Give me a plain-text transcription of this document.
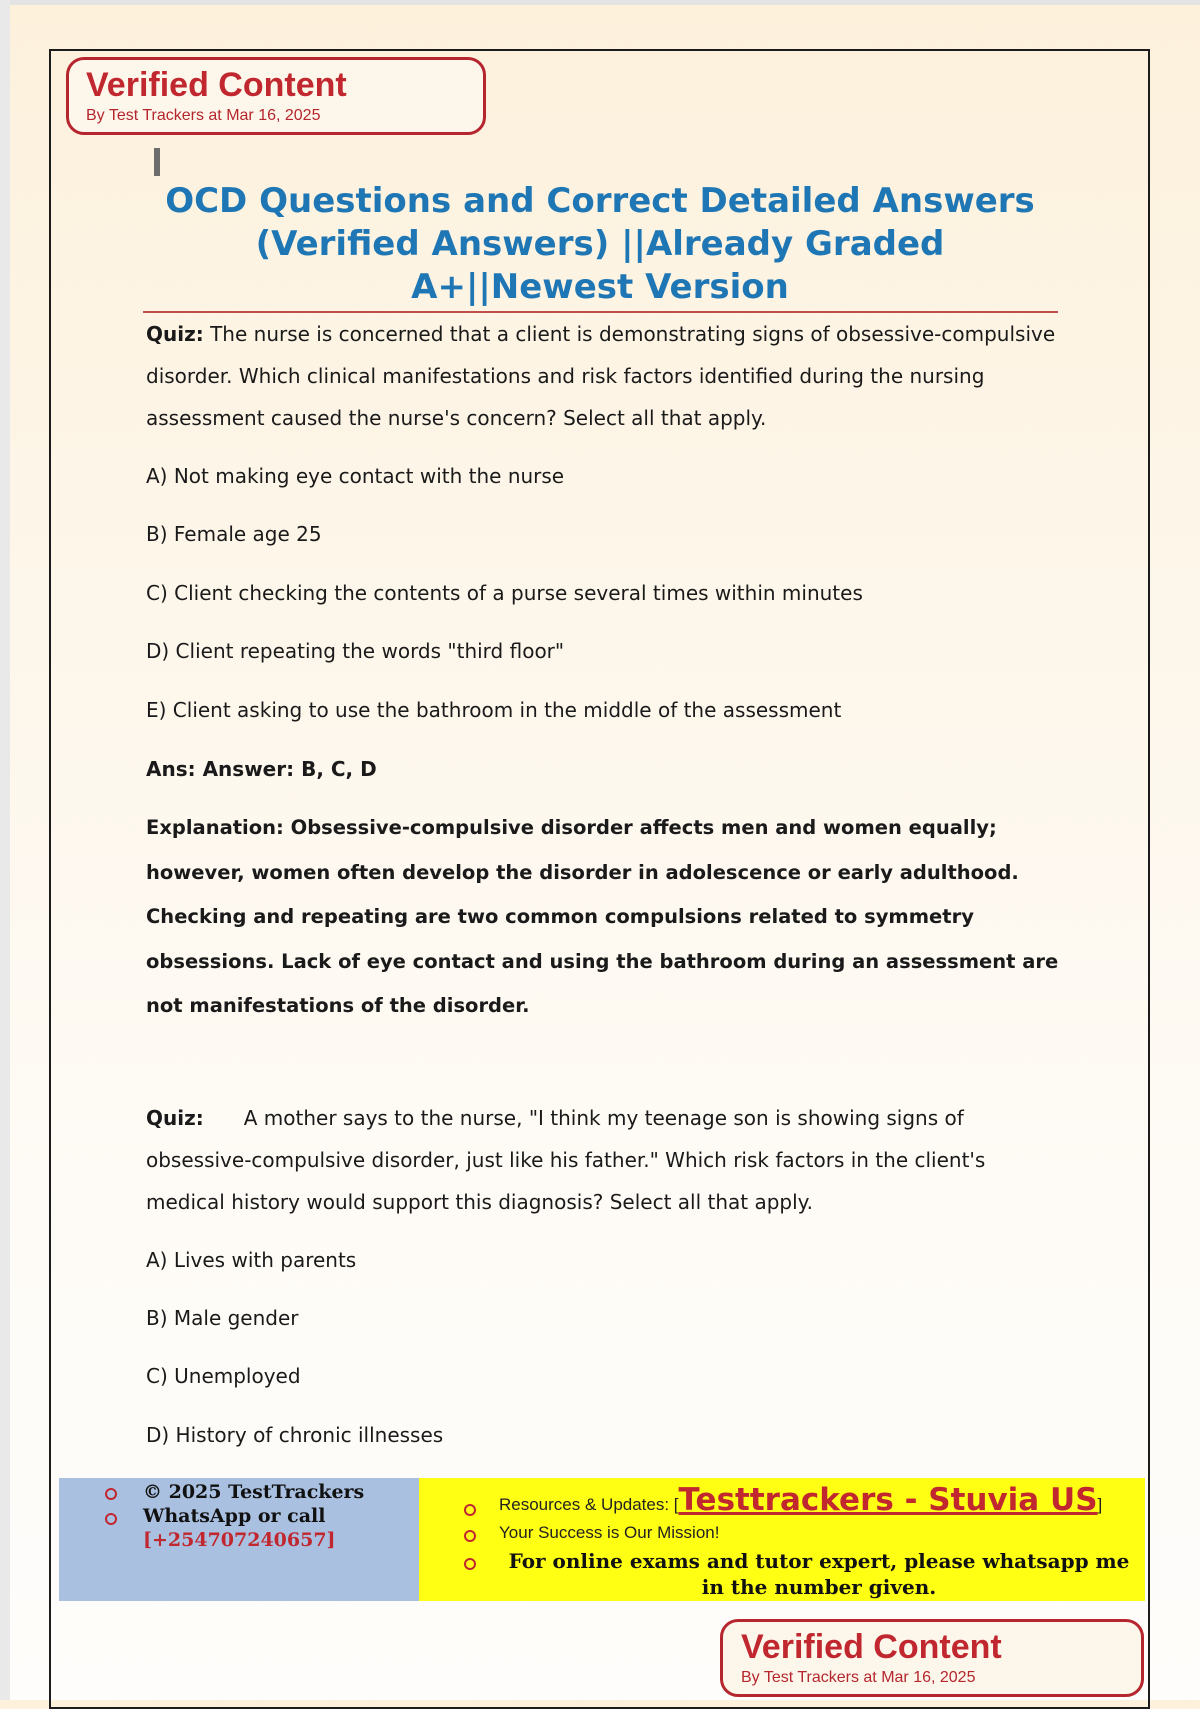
Verified Content
By Test Trackers at Mar 16, 2025
OCD Questions and Correct Detailed Answers (Verified Answers) ||Already Graded A+||Newest Version
Quiz: The nurse is concerned that a client is demonstrating signs of obsessive-compulsive disorder. Which clinical manifestations and risk factors identified during the nursing assessment caused the nurse's concern? Select all that apply.
A) Not making eye contact with the nurse
B) Female age 25
C) Client checking the contents of a purse several times within minutes
D) Client repeating the words "third floor"
E) Client asking to use the bathroom in the middle of the assessment
Ans: Answer: B, C, D
Explanation: Obsessive-compulsive disorder affects men and women equally; however, women often develop the disorder in adolescence or early adulthood. Checking and repeating are two common compulsions related to symmetry obsessions. Lack of eye contact and using the bathroom during an assessment are not manifestations of the disorder.
Quiz: A mother says to the nurse, "I think my teenage son is showing signs of obsessive-compulsive disorder, just like his father." Which risk factors in the client's medical history would support this diagnosis? Select all that apply.
A) Lives with parents
B) Male gender
C) Unemployed
D) History of chronic illnesses
© 2025 TestTrackers
WhatsApp or call
[+254707240657]
Resources & Updates: [Testtrackers - Stuvia US]
Your Success is Our Mission!
For online exams and tutor expert, please whatsapp me in the number given.
Verified Content
By Test Trackers at Mar 16, 2025
